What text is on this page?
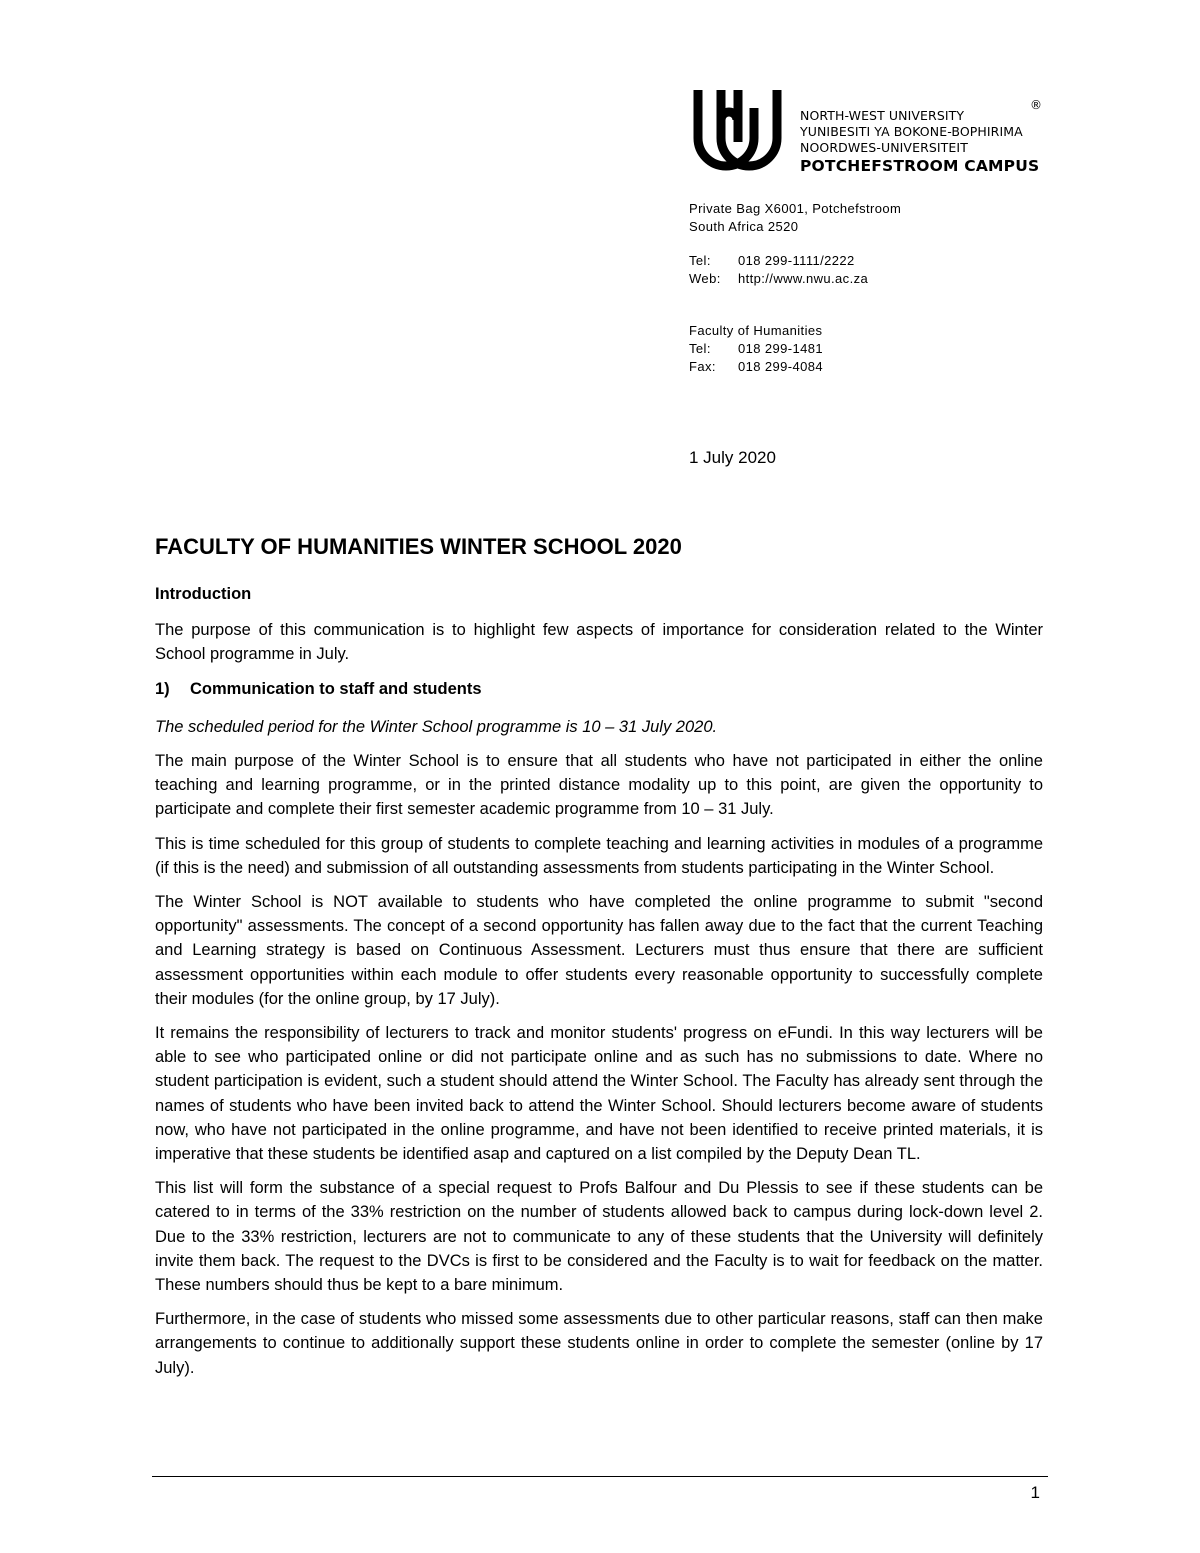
NORTH-WEST UNIVERSITY
YUNIBESITI YA BOKONE-BOPHIRIMA
NOORDWES-UNIVERSITEIT
POTCHEFSTROOM CAMPUS
®
Private Bag X6001, Potchefstroom
South Africa 2520
Tel:	018 299-1111/2222
Web:	http://www.nwu.ac.za
Faculty of Humanities
Tel:	018 299-1481
Fax:	018 299-4084
1 July 2020
FACULTY OF HUMANITIES WINTER SCHOOL 2020
Introduction

The purpose of this communication is to highlight few aspects of importance for consideration related to the Winter School programme in July.

1)	Communication to staff and students

The scheduled period for the Winter School programme is 10 – 31 July 2020.

The main purpose of the Winter School is to ensure that all students who have not participated in either the online teaching and learning programme, or in the printed distance modality up to this point, are given the opportunity to participate and complete their first semester academic programme from 10 – 31 July.

This is time scheduled for this group of students to complete teaching and learning activities in modules of a programme (if this is the need) and submission of all outstanding assessments from students participating in the Winter School.

The Winter School is NOT available to students who have completed the online programme to submit "second opportunity" assessments. The concept of a second opportunity has fallen away due to the fact that the current Teaching and Learning strategy is based on Continuous Assessment. Lecturers must thus ensure that there are sufficient assessment opportunities within each module to offer students every reasonable opportunity to successfully complete their modules (for the online group, by 17 July).

It remains the responsibility of lecturers to track and monitor students' progress on eFundi. In this way lecturers will be able to see who participated online or did not participate online and as such has no submissions to date. Where no student participation is evident, such a student should attend the Winter School. The Faculty has already sent through the names of students who have been invited back to attend the Winter School. Should lecturers become aware of students now, who have not participated in the online programme, and have not been identified to receive printed materials, it is imperative that these students be identified asap and captured on a list compiled by the Deputy Dean TL.

This list will form the substance of a special request to Profs Balfour and Du Plessis to see if these students can be catered to in terms of the 33% restriction on the number of students allowed back to campus during lock-down level 2. Due to the 33% restriction, lecturers are not to communicate to any of these students that the University will definitely invite them back. The request to the DVCs is first to be considered and the Faculty is to wait for feedback on the matter. These numbers should thus be kept to a bare minimum.

Furthermore, in the case of students who missed some assessments due to other particular reasons, staff can then make arrangements to continue to additionally support these students online in order to complete the semester (online by 17 July).

1
